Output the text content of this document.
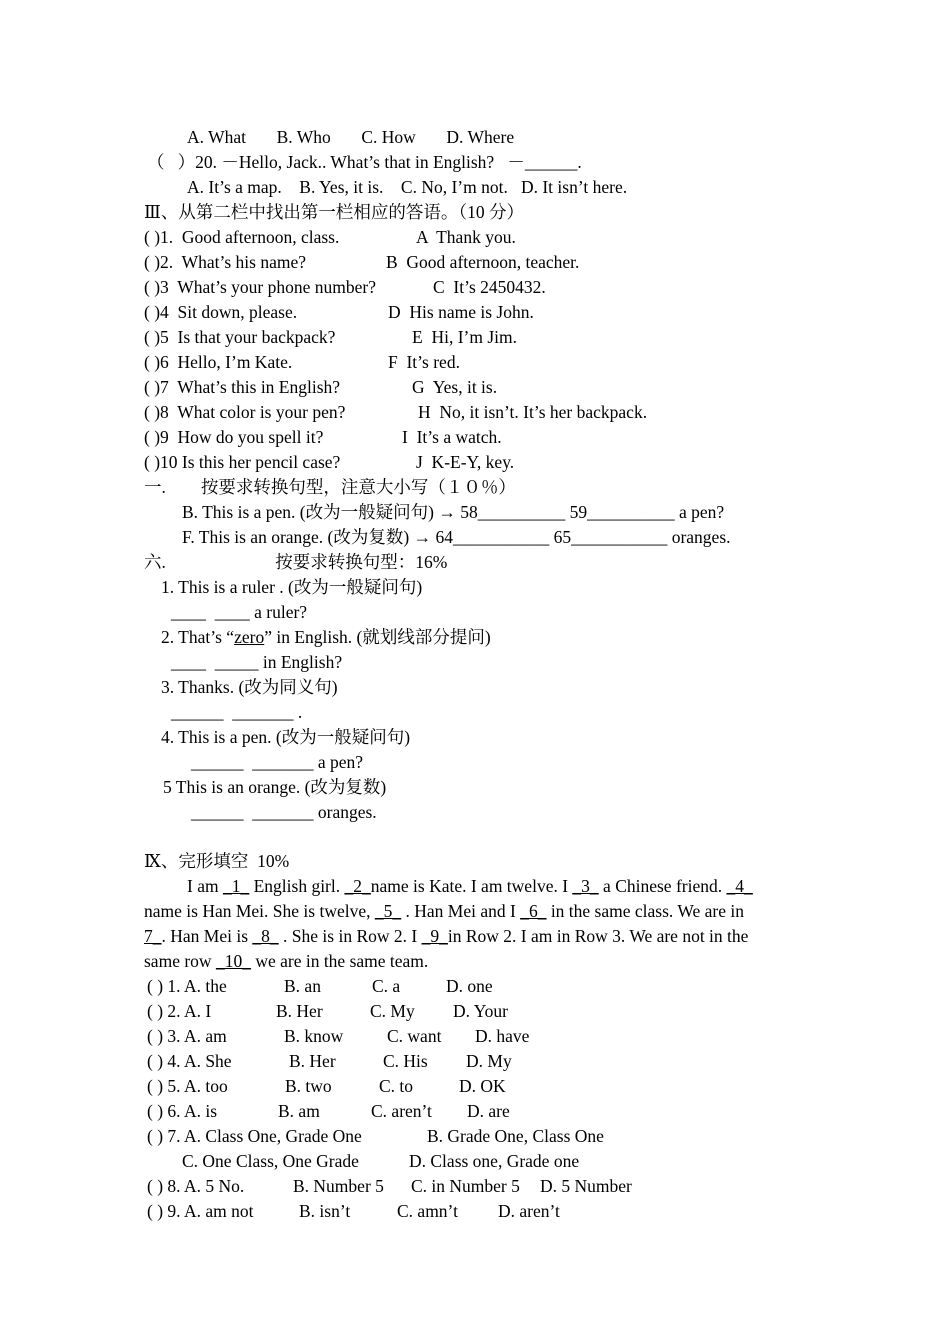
A. What       B. Who       C. How       D. Where
（   ）20. －Hello, Jack.. What’s that in English?   －______.
A. It’s a map.    B. Yes, it is.    C. No, I’m not.   D. It isn’t here.
Ⅲ、从第二栏中找出第一栏相应的答语。（10 分）
( )1.  Good afternoon, class.	A  Thank you.
( )2.  What’s his name?	B  Good afternoon, teacher.
( )3  What’s your phone number?	C  It’s 2450432.
( )4  Sit down, please.	D  His name is John.
( )5  Is that your backpack?	E  Hi, I’m Jim.
( )6  Hello, I’m Kate.	F  It’s red.
( )7  What’s this in English?	G  Yes, it is.
( )8  What color is your pen?	H  No, it isn’t. It’s her backpack.
( )9  How do you spell it?	I  It’s a watch.
( )10 Is this her pencil case?	J  K-E-Y, key.
一.        按要求转换句型，注意大小写（１０％）
B. This is a pen. (改为一般疑问句) → 58__________ 59__________ a pen?
F. This is an orange. (改为复数) → 64___________ 65___________ oranges.
六.                         按要求转换句型：16%
1. This is a ruler . (改为一般疑问句)
____  ____ a ruler?
2. That’s “zero” in English. (就划线部分提问)
____  _____ in English?
3. Thanks. (改为同义句)
______  _______ .
4. This is a pen. (改为一般疑问句)
______  _______ a pen?
5 This is an orange. (改为复数)
______  _______ oranges.
Ⅸ、完形填空  10%
I am _1_ English girl. _2_name is Kate. I am twelve. I _3_ a Chinese friend. _4_
name is Han Mei. She is twelve, _5_ . Han Mei and I _6_ in the same class. We are in
7_. Han Mei is _8_ . She is in Row 2. I _9_in Row 2. I am in Row 3. We are not in the
same row _10_ we are in the same team.
( ) 1. A. the	B. an	C. a	D. one
( ) 2. A. I	B. Her	C. My D. Your
( ) 3. A. am	B. know C. want D. have
( ) 4. A. She	B. Her	C. His D. My
( ) 5. A. too	B. two	C. to	D. OK
( ) 6. A. is	B. am	C. aren’t D. are
( ) 7. A. Class One, Grade One	B. Grade One, Class One
C. One Class, One Grade	D. Class one, Grade one
( ) 8. A. 5 No.	B. Number 5 C. in Number 5 D. 5 Number
( ) 9. A. am not	B. isn’t	C. amn’t D. aren’t
